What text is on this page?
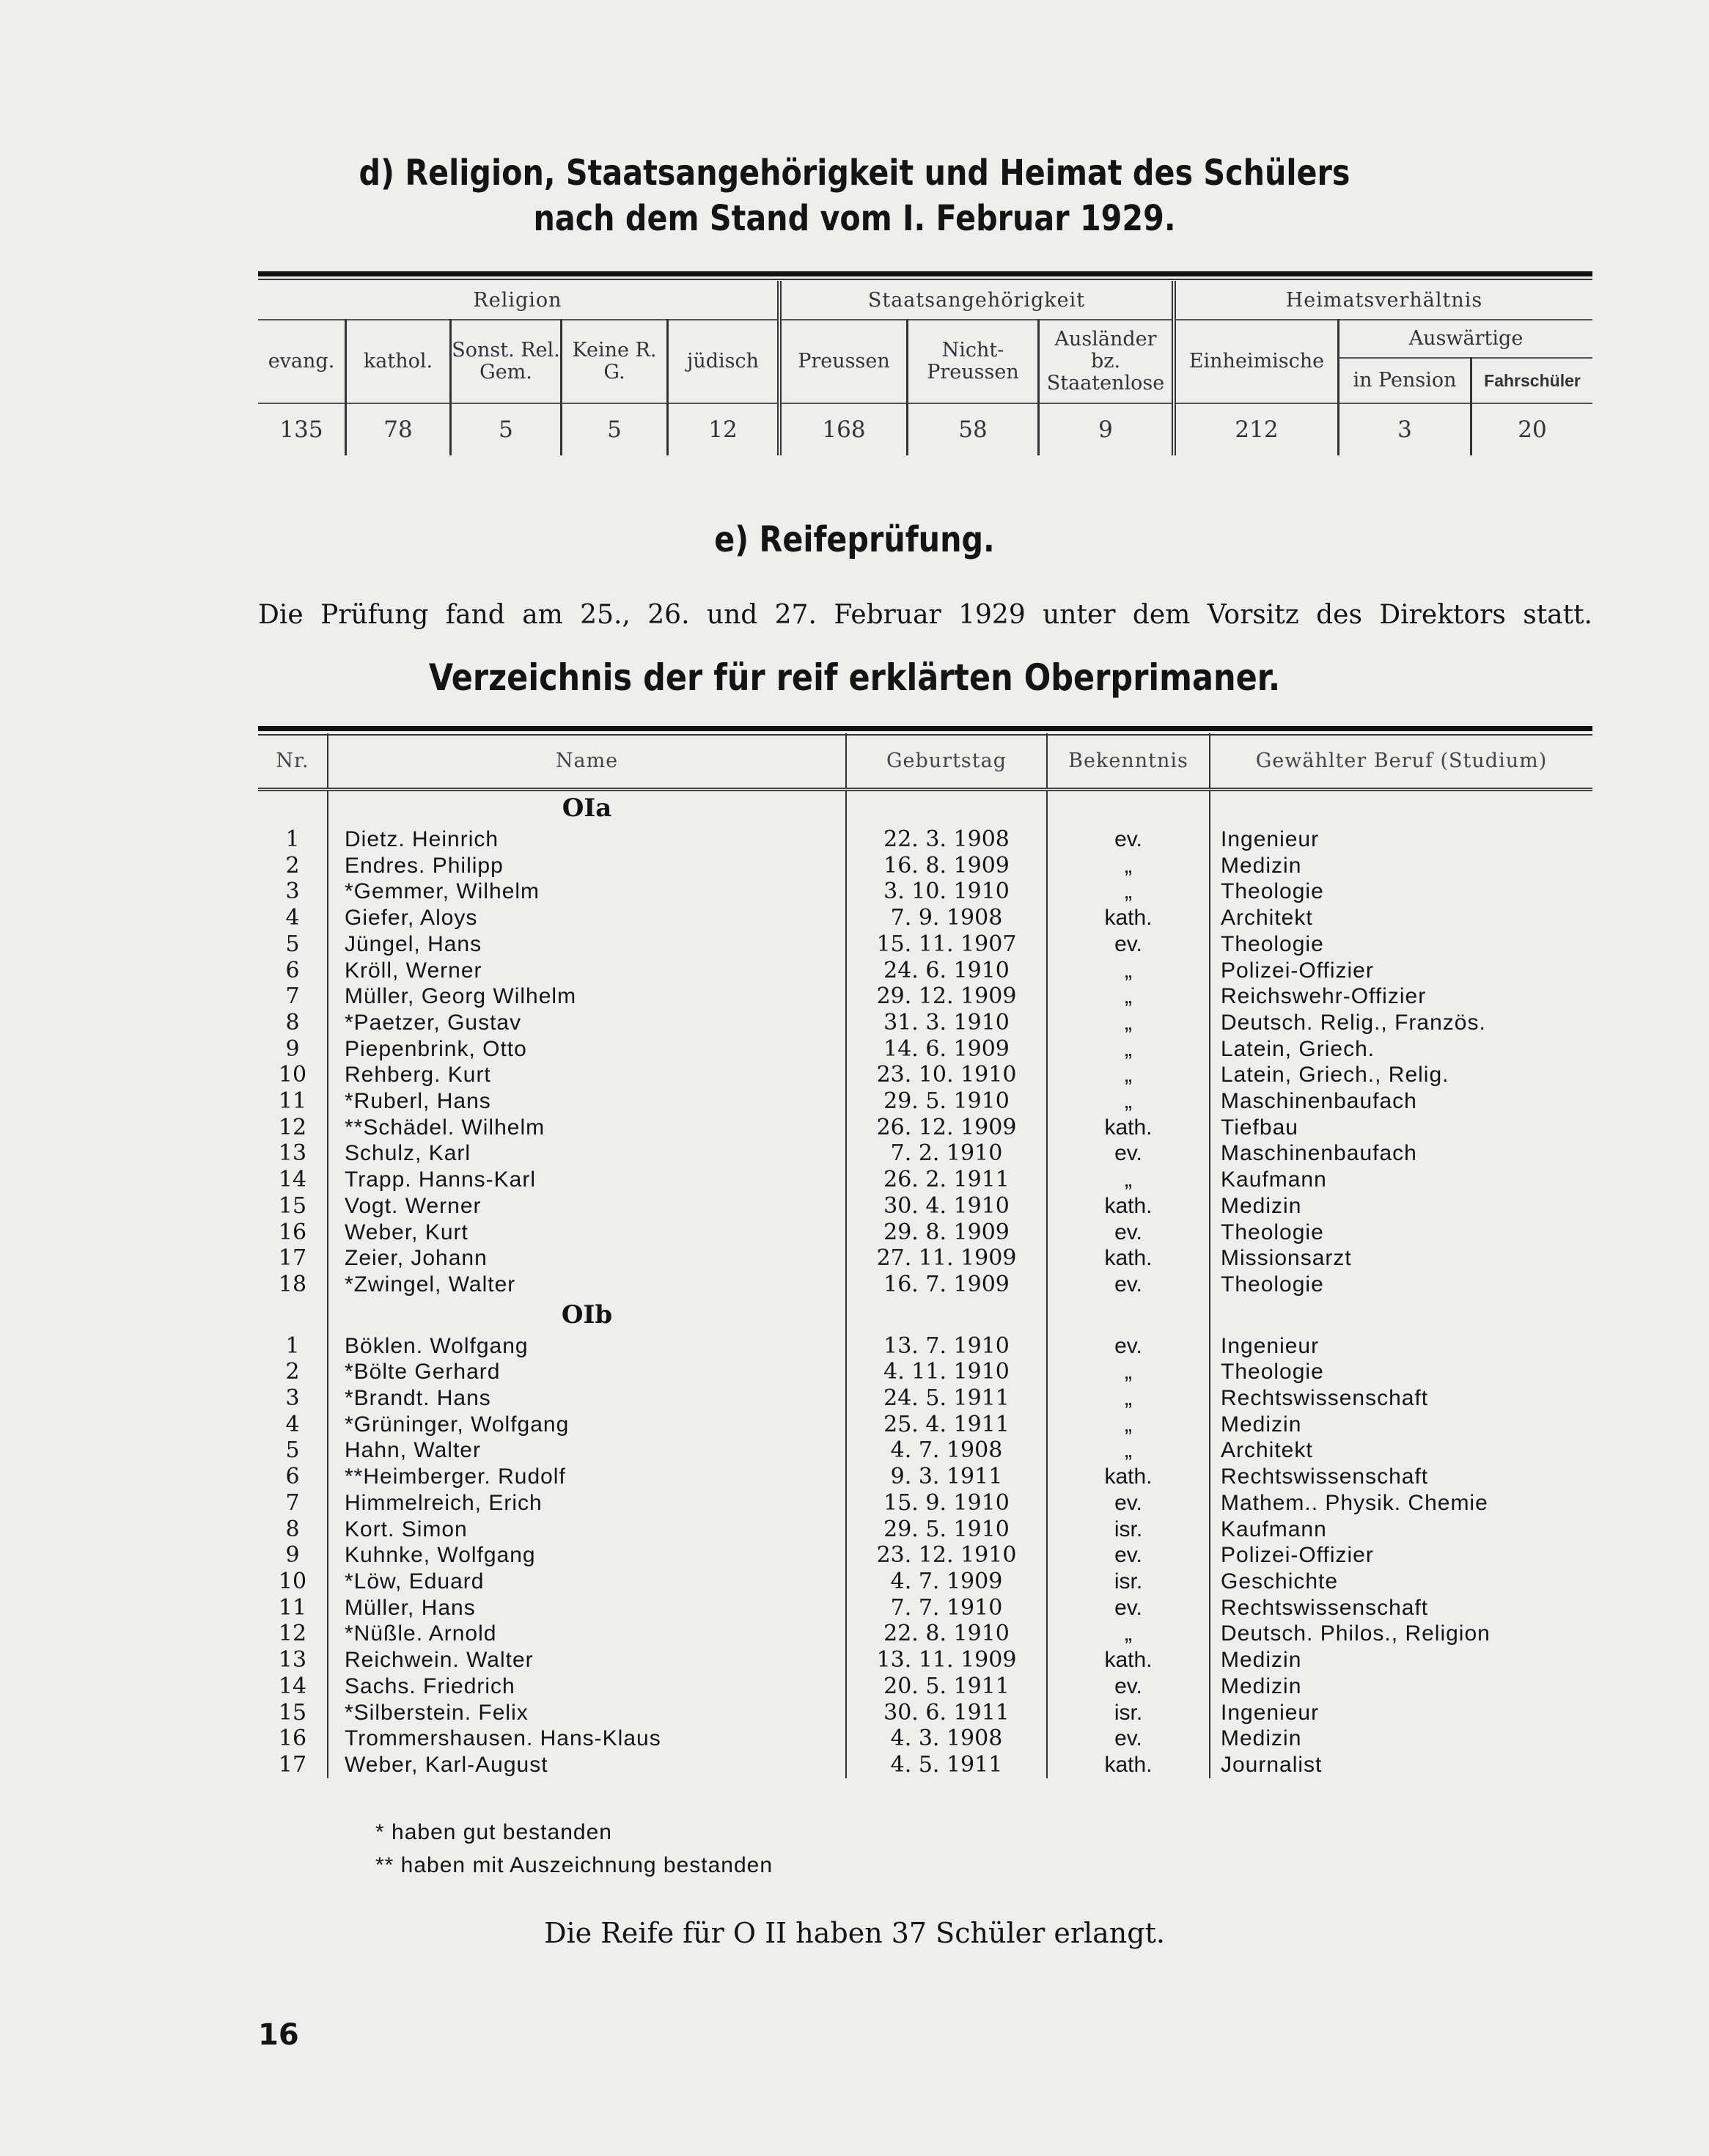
d) Religion, Staatsangehörigkeit und Heimat des Schülers
nach dem Stand vom I. Februar 1929.
Religion					Staatsangehörigkeit			Heimatsverhältnis		
evang.	kathol.	Sonst. Rel. Gem.	Keine R. G.	jüdisch	Preussen	Nicht-Preussen	Ausländer bz. Staatenlose	Einheimische	Auswärtige	
									in Pension	Fahrschüler
135	78	5	5	12	168	58	9	212	3	20
e) Reifeprüfung.
Die Prüfung fand am 25., 26. und 27. Februar 1929 unter dem Vorsitz des Direktors statt.
Verzeichnis der für reif erklärten Oberprimaner.
Nr.	Name	Geburtstag	Bekenntnis	Gewählter Beruf (Studium)
	OIa			
1	Dietz. Heinrich	22. 3. 1908	ev.	Ingenieur
2	Endres. Philipp	16. 8. 1909	„	Medizin
3	*Gemmer, Wilhelm	3. 10. 1910	„	Theologie
4	Giefer, Aloys	7. 9. 1908	kath.	Architekt
5	Jüngel, Hans	15. 11. 1907	ev.	Theologie
6	Kröll, Werner	24. 6. 1910	„	Polizei-Offizier
7	Müller, Georg Wilhelm	29. 12. 1909	„	Reichswehr-Offizier
8	*Paetzer, Gustav	31. 3. 1910	„	Deutsch. Relig., Französ.
9	Piepenbrink, Otto	14. 6. 1909	„	Latein, Griech.
10	Rehberg. Kurt	23. 10. 1910	„	Latein, Griech., Relig.
11	*Ruberl, Hans	29. 5. 1910	„	Maschinenbaufach
12	**Schädel. Wilhelm	26. 12. 1909	kath.	Tiefbau
13	Schulz, Karl	7. 2. 1910	ev.	Maschinenbaufach
14	Trapp. Hanns-Karl	26. 2. 1911	„	Kaufmann
15	Vogt. Werner	30. 4. 1910	kath.	Medizin
16	Weber, Kurt	29. 8. 1909	ev.	Theologie
17	Zeier, Johann	27. 11. 1909	kath.	Missionsarzt
18	*Zwingel, Walter	16. 7. 1909	ev.	Theologie
	OIb			
1	Böklen. Wolfgang	13. 7. 1910	ev.	Ingenieur
2	*Bölte Gerhard	4. 11. 1910	„	Theologie
3	*Brandt. Hans	24. 5. 1911	„	Rechtswissenschaft
4	*Grüninger, Wolfgang	25. 4. 1911	„	Medizin
5	Hahn, Walter	4. 7. 1908	„	Architekt
6	**Heimberger. Rudolf	9. 3. 1911	kath.	Rechtswissenschaft
7	Himmelreich, Erich	15. 9. 1910	ev.	Mathem.. Physik. Chemie
8	Kort. Simon	29. 5. 1910	isr.	Kaufmann
9	Kuhnke, Wolfgang	23. 12. 1910	ev.	Polizei-Offizier
10	*Löw, Eduard	4. 7. 1909	isr.	Geschichte
11	Müller, Hans	7. 7. 1910	ev.	Rechtswissenschaft
12	*Nüßle. Arnold	22. 8. 1910	„	Deutsch. Philos., Religion
13	Reichwein. Walter	13. 11. 1909	kath.	Medizin
14	Sachs. Friedrich	20. 5. 1911	ev.	Medizin
15	*Silberstein. Felix	30. 6. 1911	isr.	Ingenieur
16	Trommershausen. Hans-Klaus	4. 3. 1908	ev.	Medizin
17	Weber, Karl-August	4. 5. 1911	kath.	Journalist
* haben gut bestanden
** haben mit Auszeichnung bestanden
Die Reife für O II haben 37 Schüler erlangt.
16
